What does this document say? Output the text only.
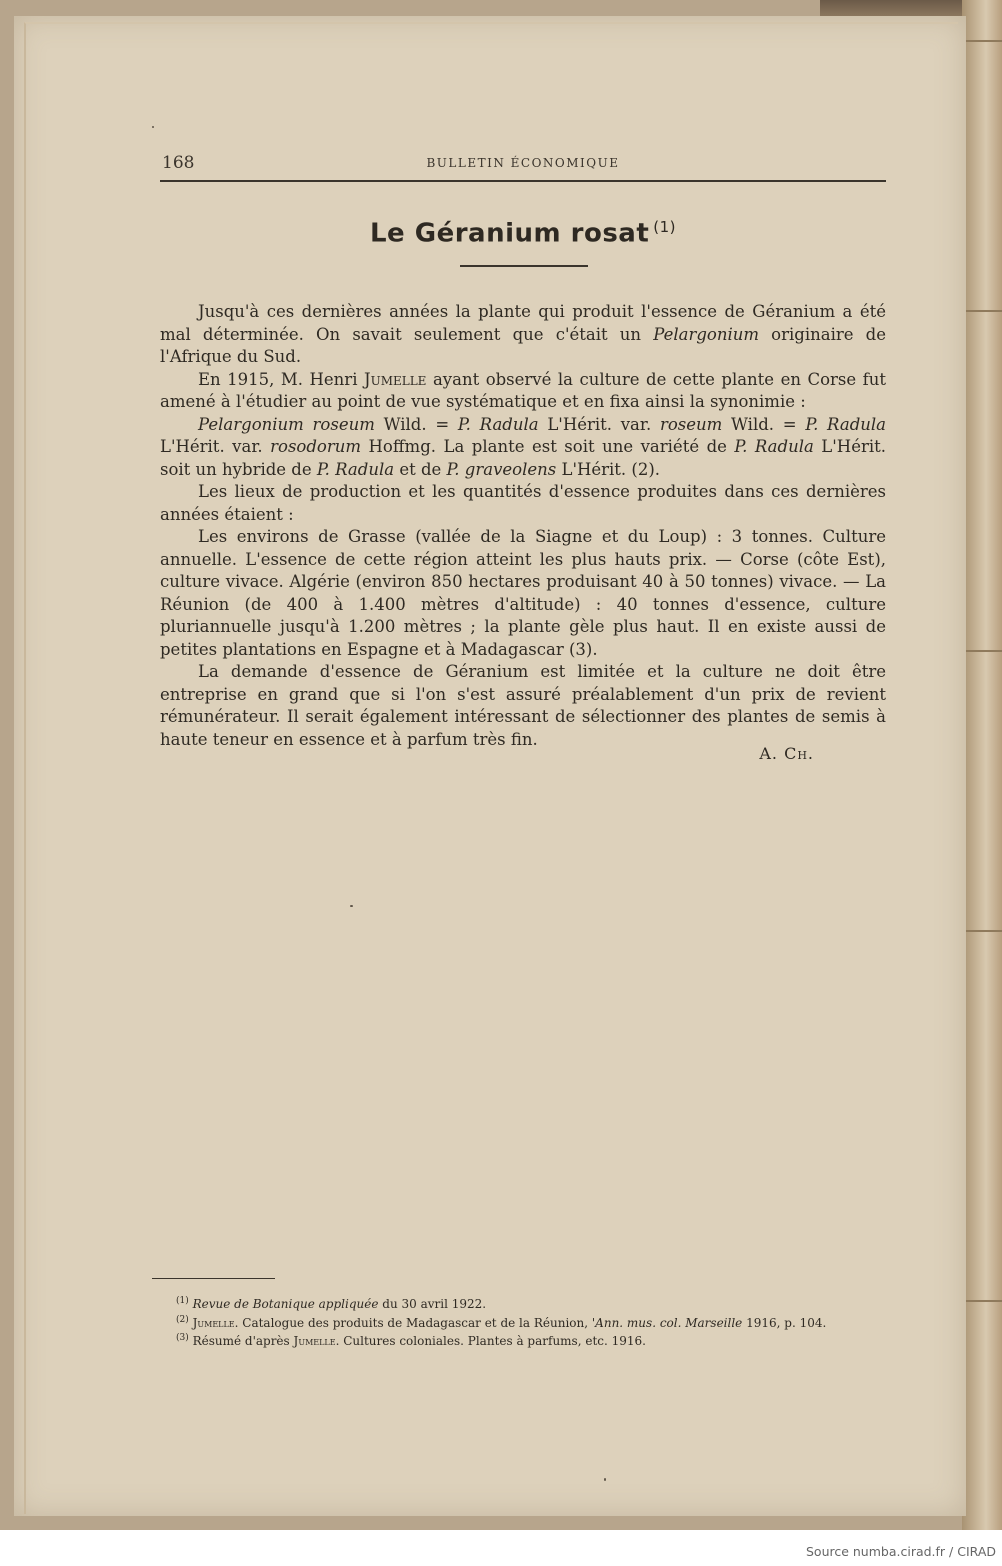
168	BULLETIN ÉCONOMIQUE
Le Géranium rosat $^{(1)}$

Jusqu'à ces dernières années la plante qui produit l'essence de Géranium a été mal déterminée. On savait seulement que c'était un Pelargonium originaire de l'Afrique du Sud.

En 1915, M. Henri Jumelle ayant observé la culture de cette plante en Corse fut amené à l'étudier au point de vue systématique et en fixa ainsi la synonimie :

Pelargonium roseum Wild. = P. Radula L'Hérit. var. roseum Wild. = P. Radula L'Hérit. var. rosodorum Hoffmg. La plante est soit une variété de P. Radula L'Hérit. soit un hybride de P. Radula et de P. graveolens L'Hérit. (2).

Les lieux de production et les quantités d'essence produites dans ces dernières années étaient :

Les environs de Grasse (vallée de la Siagne et du Loup) : 3 tonnes. Culture annuelle. L'essence de cette région atteint les plus hauts prix. — Corse (côte Est), culture vivace. Algérie (environ 850 hectares produisant 40 à 50 tonnes) vivace. — La Réunion (de 400 à 1.400 mètres d'altitude) : 40 tonnes d'essence, culture pluriannuelle jusqu'à 1.200 mètres ; la plante gèle plus haut. Il en existe aussi de petites plantations en Espagne et à Madagascar (3).

La demande d'essence de Géranium est limitée et la culture ne doit être entreprise en grand que si l'on s'est assuré préalablement d'un prix de revient rémunérateur. Il serait également intéressant de sélectionner des plantes de semis à haute teneur en essence et à parfum très fin.

A. Ch.

$^{(1)}$ Revue de Botanique appliquée du 30 avril 1922.

$^{(2)}$ Jumelle. Catalogue des produits de Madagascar et de la Réunion, 'Ann. mus. col. Marseille 1916, p. 104.

$^{(3)}$ Résumé d'après Jumelle. Cultures coloniales. Plantes à parfums, etc. 1916.

Source numba.cirad.fr / CIRAD
